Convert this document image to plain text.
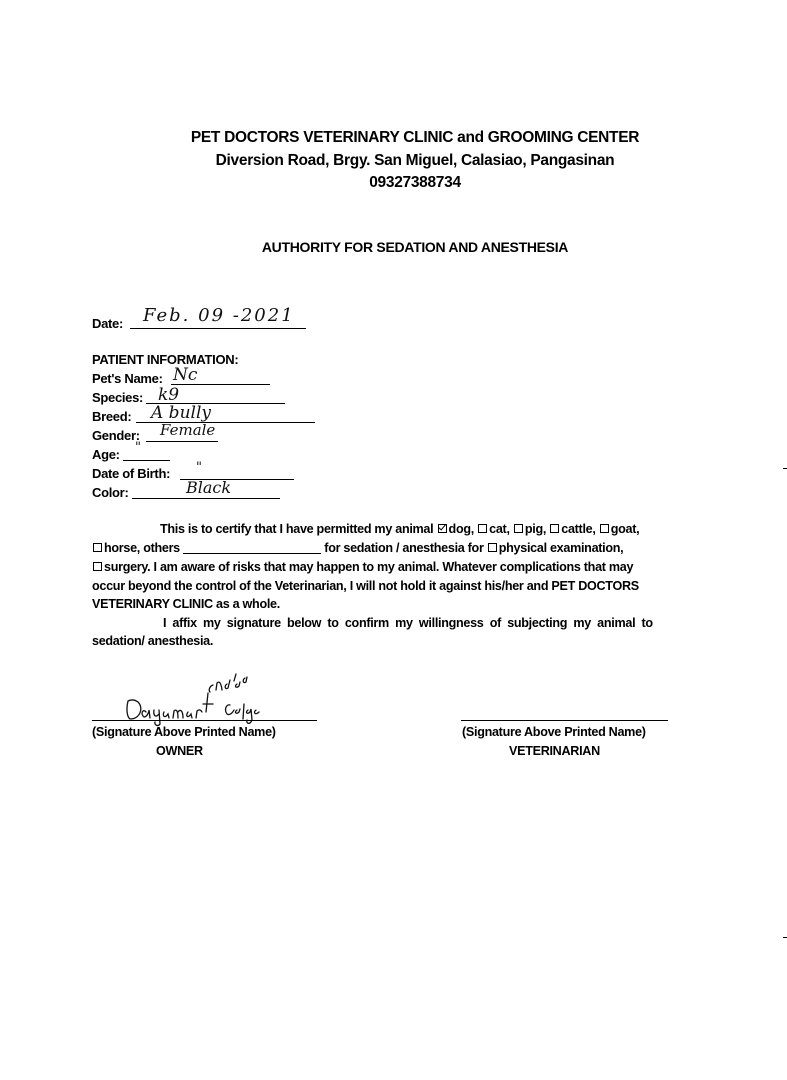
PET DOCTORS VETERINARY CLINIC and GROOMING CENTER
Diversion Road, Brgy. San Miguel, Calasiao, Pangasinan
09327388734
AUTHORITY FOR SEDATION AND ANESTHESIA
Date: Feb. 09 -2021
PATIENT INFORMATION:
Pet's Name: Nc
Species: k9
Breed: A bully
Gender: Female
Age: "
Date of Birth: "
Color:	Black
This is to certify that I have permitted my animal dog, cat, pig, cattle, goat,
horse, others	for sedation / anesthesia for physical examination,
surgery. I am aware of risks that may happen to my animal. Whatever complications that may
occur beyond the control of the Veterinarian, I will not hold it against his/her and PET DOCTORS
VETERINARY CLINIC as a whole.
I affix my signature below to confirm my willingness of subjecting my animal to
sedation/ anesthesia.
(Signature Above Printed Name)
OWNER
(Signature Above Printed Name)
VETERINARIAN
